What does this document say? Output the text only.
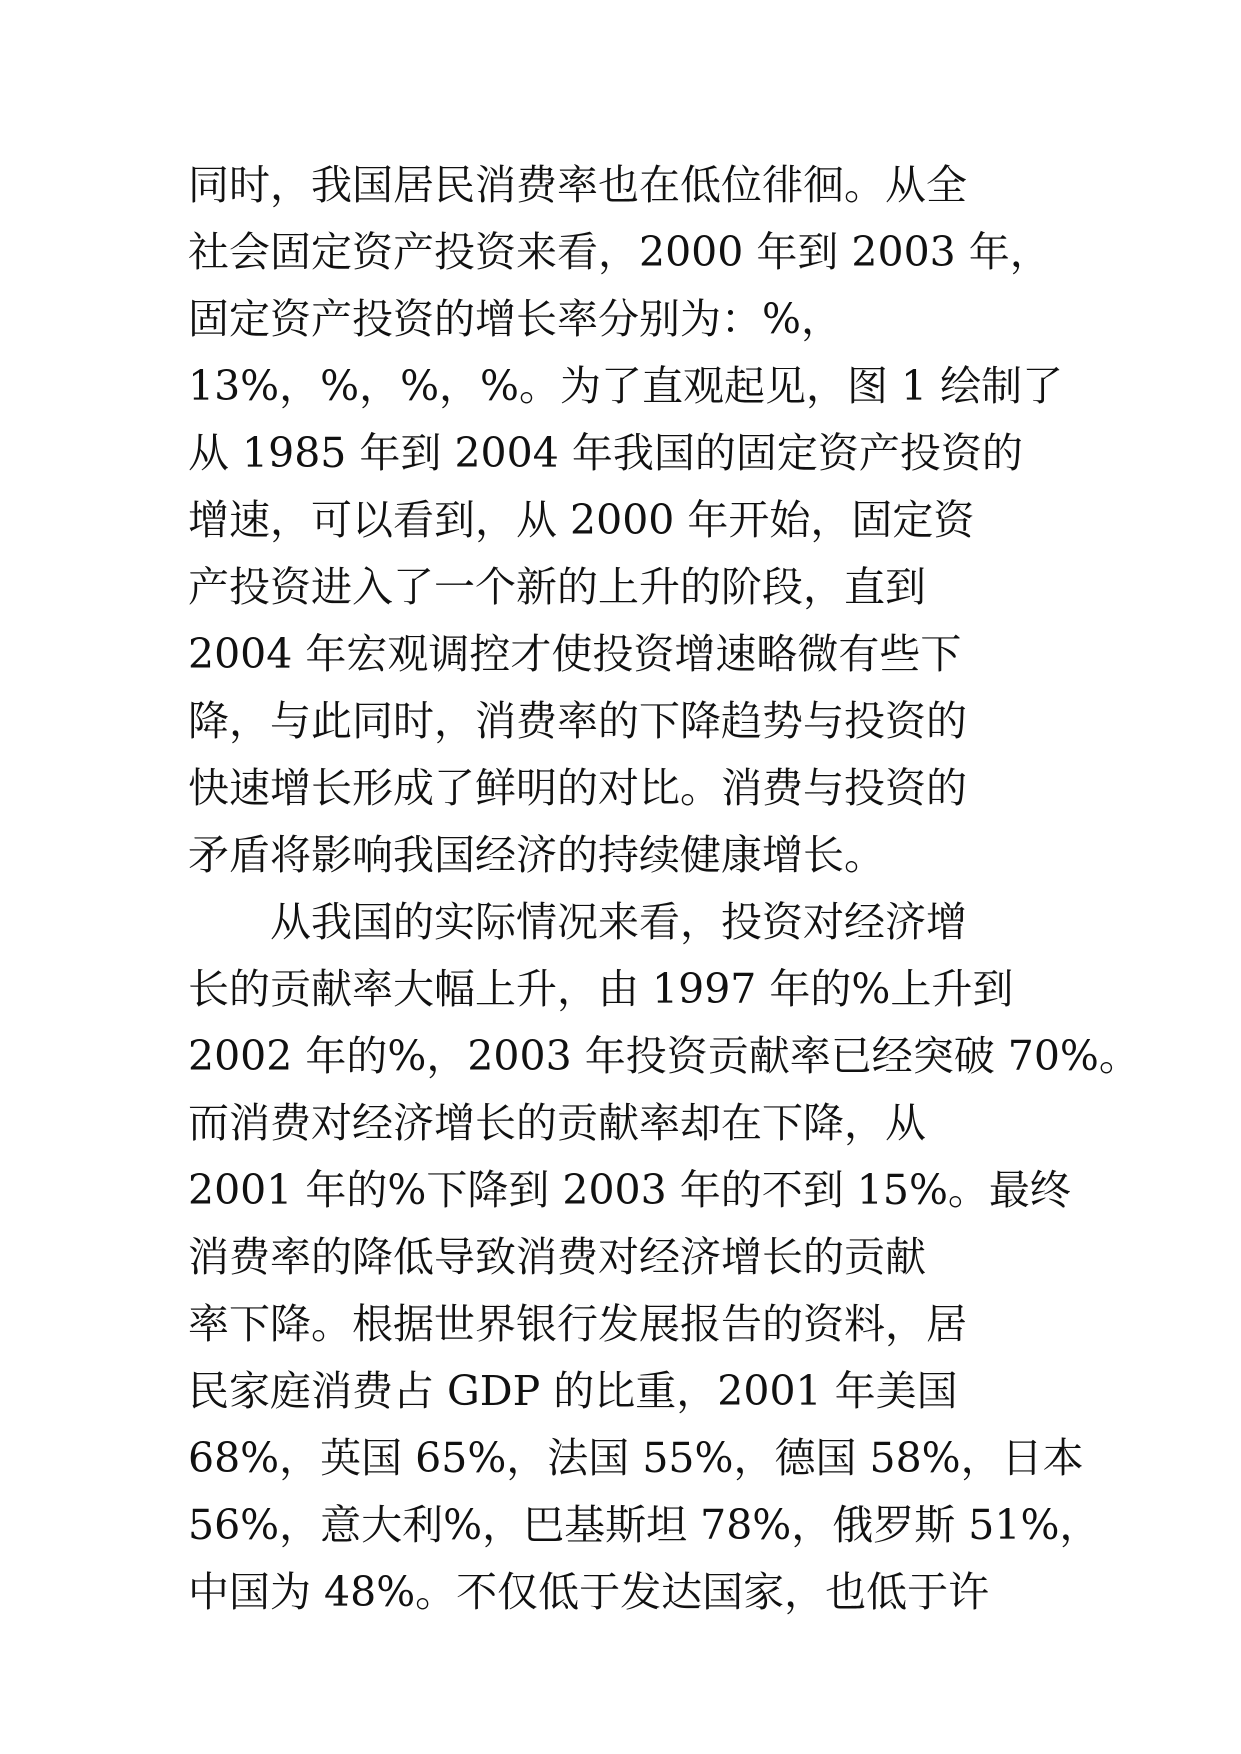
同时，我国居民消费率也在低位徘徊。从全
社会固定资产投资来看，2000 年到 2003 年，
固定资产投资的增长率分别为：%，
13%，%，%，%。为了直观起见，图 1 绘制了
从 1985 年到 2004 年我国的固定资产投资的
增速，可以看到，从 2000 年开始，固定资
产投资进入了一个新的上升的阶段，直到
2004 年宏观调控才使投资增速略微有些下
降，与此同时，消费率的下降趋势与投资的
快速增长形成了鲜明的对比。消费与投资的
矛盾将影响我国经济的持续健康增长。
从我国的实际情况来看，投资对经济增
长的贡献率大幅上升，由 1997 年的%上升到
2002 年的%，2003 年投资贡献率已经突破 70%。
而消费对经济增长的贡献率却在下降，从
2001 年的%下降到 2003 年的不到 15%。最终
消费率的降低导致消费对经济增长的贡献
率下降。根据世界银行发展报告的资料，居
民家庭消费占 GDP 的比重，2001 年美国
68%，英国 65%，法国 55%，德国 58%，日本
56%，意大利%，巴基斯坦 78%，俄罗斯 51%，
中国为 48%。不仅低于发达国家，也低于许
